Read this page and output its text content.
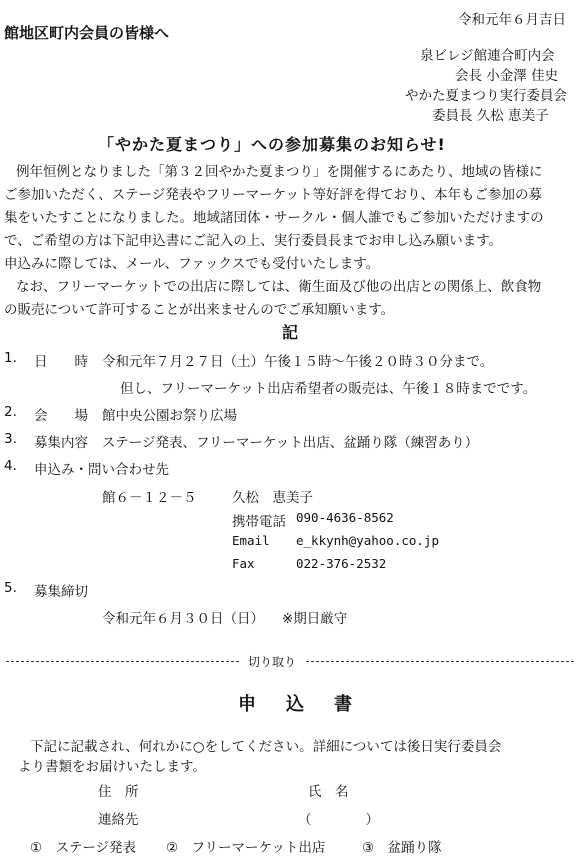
令和元年６月吉日
館地区町内会員の皆様へ
泉ビレジ館連合町内会
会長 小金澤 佳史
やかた夏まつり実行委員会
委員長 久松 恵美子
「やかた夏まつり」への参加募集のお知らせ!
例年恒例となりました「第３２回やかた夏まつり」を開催するにあたり、地域の皆様に
ご参加いただく、ステージ発表やフリーマーケット等好評を得ており、本年もご参加の募
集をいたすことになりました。地域諸団体・サークル・個人誰でもご参加いただけますの
で、ご希望の方は下記申込書にご記入の上、実行委員長までお申し込み願います。
申込みに際しては、メール、ファックスでも受付いたします。
なお、フリーマーケットでの出店に際しては、衛生面及び他の出店との関係上、飲食物
の販売について許可することが出来ませんのでご承知願います。
記
1. 日　　時 令和元年７月２７日（土）午後１５時〜午後２０時３０分まで。
但し、フリーマーケット出店希望者の販売は、午後１８時までです。
2. 会　　場 館中央公園お祭り広場
3. 募集内容 ステージ発表、フリーマーケット出店、盆踊り隊（練習あり）
4. 申込み・問い合わせ先
館６－１２－５	久松　恵美子
携帯電話 090-4636-8562
Email e_kkynh@yahoo.co.jp
Fax	022-376-2532
5. 募集締切
令和元年６月３０日（日） ※期日厳守
切り取り
申　込　書
下記に記載され、何れかに○をしてください。詳細については後日実行委員会
より書類をお届けいたします。
住　所	氏　名
連絡先	（　　　　）
①　ステージ発表 ②　フリーマーケット出店	③　盆踊り隊
